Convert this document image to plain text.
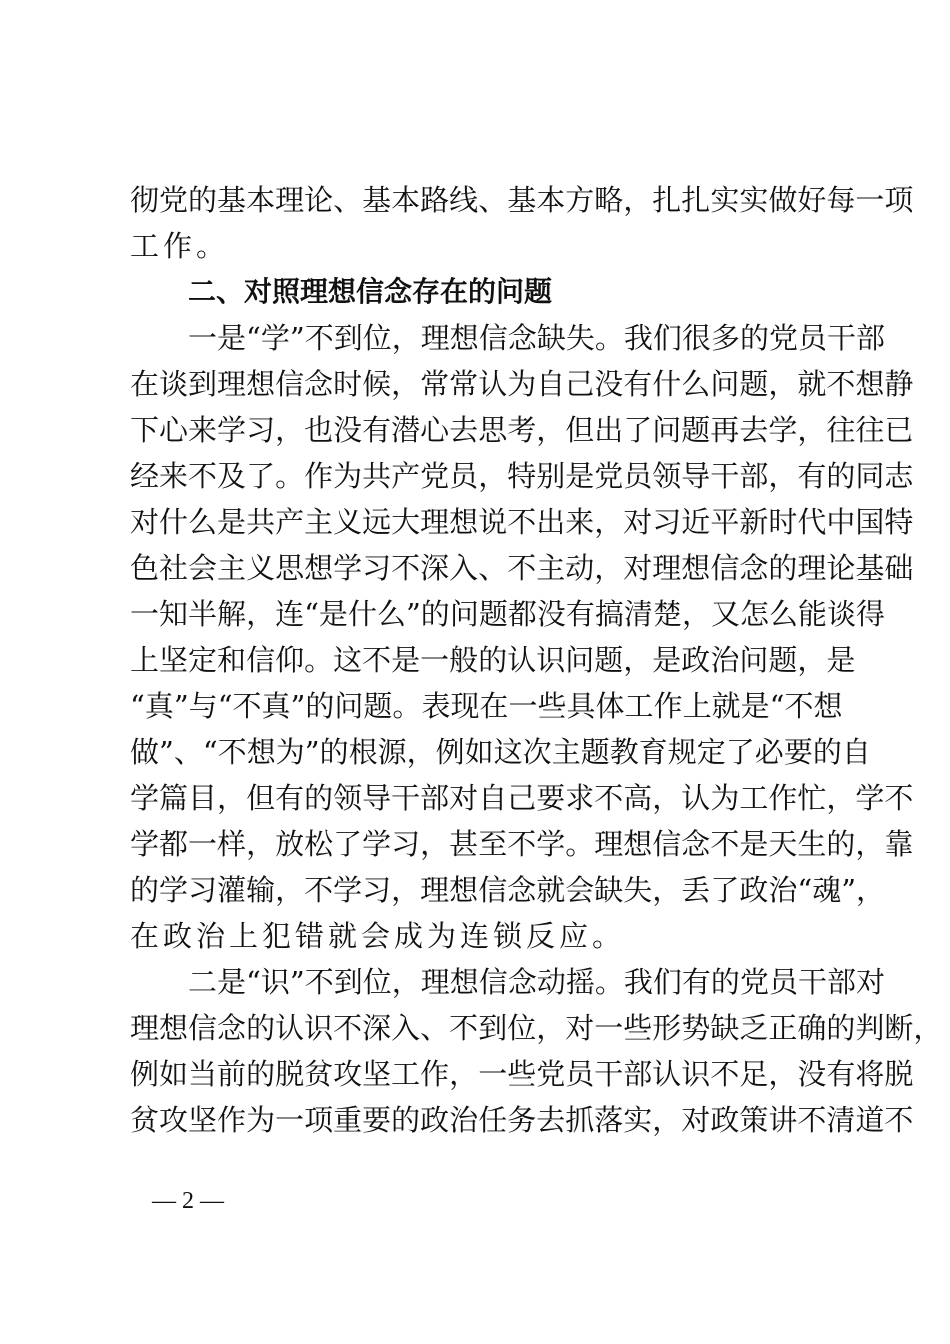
彻 党 的 基 本 理 论 、 基 本 路 线 、 基 本 方 略 ， 扎 扎 实 实 做 好 每 一 项
工作。
二、对照理想信念存在的问题
一 是 “ 学 ” 不 到 位 ， 理 想 信 念 缺 失 。 我 们 很 多 的 党 员 干 部
在 谈 到 理 想 信 念 时 候 ， 常 常 认 为 自 己 没 有 什 么 问 题 ， 就 不 想 静
下 心 来 学 习 ， 也 没 有 潜 心 去 思 考 ， 但 出 了 问 题 再 去 学 ， 往 往 已
经 来 不 及 了 。 作 为 共 产 党 员 ， 特 别 是 党 员 领 导 干 部 ， 有 的 同 志
对 什 么 是 共 产 主 义 远 大 理 想 说 不 出 来 ， 对 习 近 平 新 时 代 中 国 特
色 社 会 主 义 思 想 学 习 不 深 入 、 不 主 动 ， 对 理 想 信 念 的 理 论 基 础
一 知 半 解 ， 连 “ 是 什 么 ” 的 问 题 都 没 有 搞 清 楚 ， 又 怎 么 能 谈 得
上 坚 定 和 信 仰 。 这 不 是 一 般 的 认 识 问 题 ， 是 政 治 问 题 ， 是
“ 真 ” 与 “ 不 真 ” 的 问 题 。 表 现 在 一 些 具 体 工 作 上 就 是 “ 不 想
做 ” 、 “ 不 想 为 ” 的 根 源 ， 例 如 这 次 主 题 教 育 规 定 了 必 要 的 自
学 篇 目 ， 但 有 的 领 导 干 部 对 自 己 要 求 不 高 ， 认 为 工 作 忙 ， 学 不
学 都 一 样 ， 放 松 了 学 习 ， 甚 至 不 学 。 理 想 信 念 不 是 天 生 的 ， 靠
的 学 习 灌 输 ， 不 学 习 ， 理 想 信 念 就 会 缺 失 ， 丢 了 政 治 “ 魂 ” ，
在政治上犯错就会成为连锁反应。
二 是 “ 识 ” 不 到 位 ， 理 想 信 念 动 摇 。 我 们 有 的 党 员 干 部 对
理 想 信 念 的 认 识 不 深 入 、 不 到 位 ， 对 一 些 形 势 缺 乏 正 确 的 判 断 ，
例 如 当 前 的 脱 贫 攻 坚 工 作 ， 一 些 党 员 干 部 认 识 不 足 ， 没 有 将 脱
贫 攻 坚 作 为 一 项 重 要 的 政 治 任 务 去 抓 落 实 ， 对 政 策 讲 不 清 道 不
— 2 —
